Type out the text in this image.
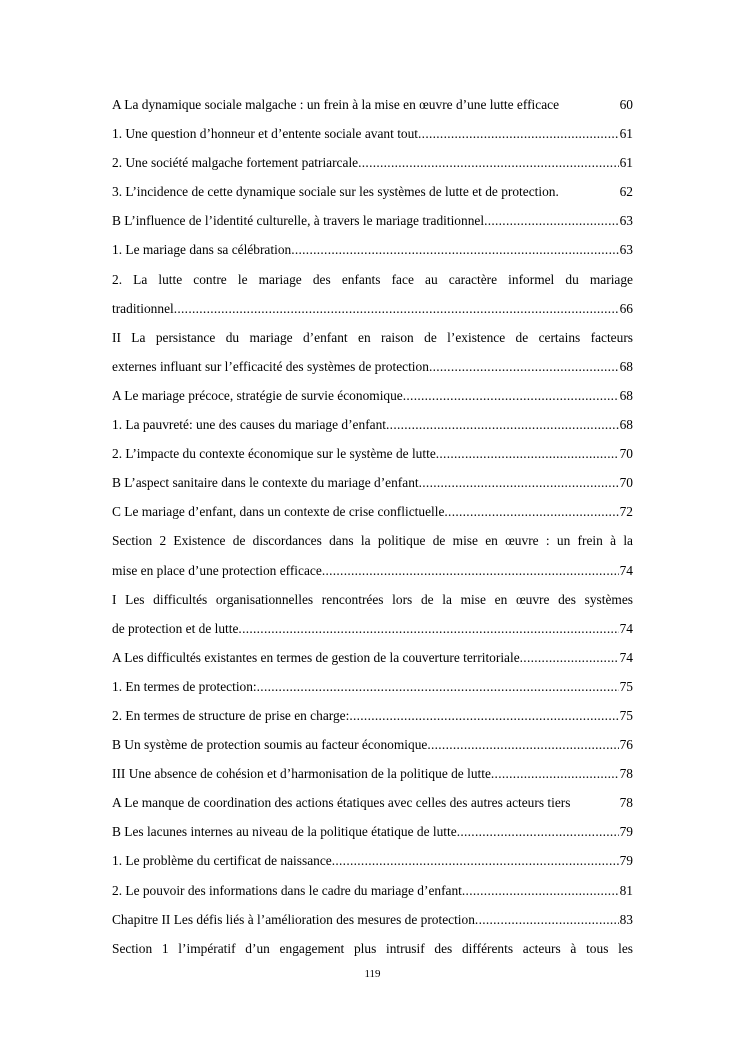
A La dynamique sociale malgache : un frein à la mise en œuvre d’une lutte efficace	60
1. Une question d’honneur et d’entente sociale avant tout .....	61
2. Une société malgache fortement patriarcale .....	61
3. L’incidence de cette dynamique sociale sur les systèmes de lutte et de protection.	62
B L’influence de l’identité culturelle, à travers le mariage traditionnel .....	63
1. Le mariage dans sa célébration .....	63
2. La lutte contre le mariage des enfants face au caractère informel du mariage
traditionnel .....	66
II La persistance du mariage d’enfant en raison de l’existence de certains facteurs
externes influant sur l’efficacité des systèmes de protection .....	68
A Le mariage précoce, stratégie de survie économique .....	68
1. La pauvreté: une des causes du mariage d’enfant .....	68
2. L’impacte du contexte économique sur le système de lutte .....	70
B L’aspect sanitaire dans le contexte du mariage d’enfant .....	70
C Le mariage d’enfant, dans un contexte de crise conflictuelle .....	72
Section 2 Existence de discordances dans la politique de mise en œuvre : un frein à la
mise en place d’une protection efficace .....	74
I Les difficultés organisationnelles rencontrées lors de la mise en œuvre des systèmes
de protection et de lutte .....	74
A Les difficultés existantes en termes de gestion de la couverture territoriale .....	74
1. En termes de protection: .....	75
2. En termes de structure de prise en charge: .....	75
B Un système de protection soumis au facteur économique .....	76
III Une absence de cohésion et d’harmonisation de la politique de lutte .....	78
A Le manque de coordination des actions étatiques avec celles des autres acteurs tiers	78
B Les lacunes internes au niveau de la politique étatique de lutte .....	79
1. Le problème du certificat de naissance .....	79
2. Le pouvoir des informations dans le cadre du mariage d’enfant .....	81
Chapitre II Les défis liés à l’amélioration des mesures de protection .....	83
Section 1 l’impératif d’un engagement plus intrusif des différents acteurs à tous les
119
